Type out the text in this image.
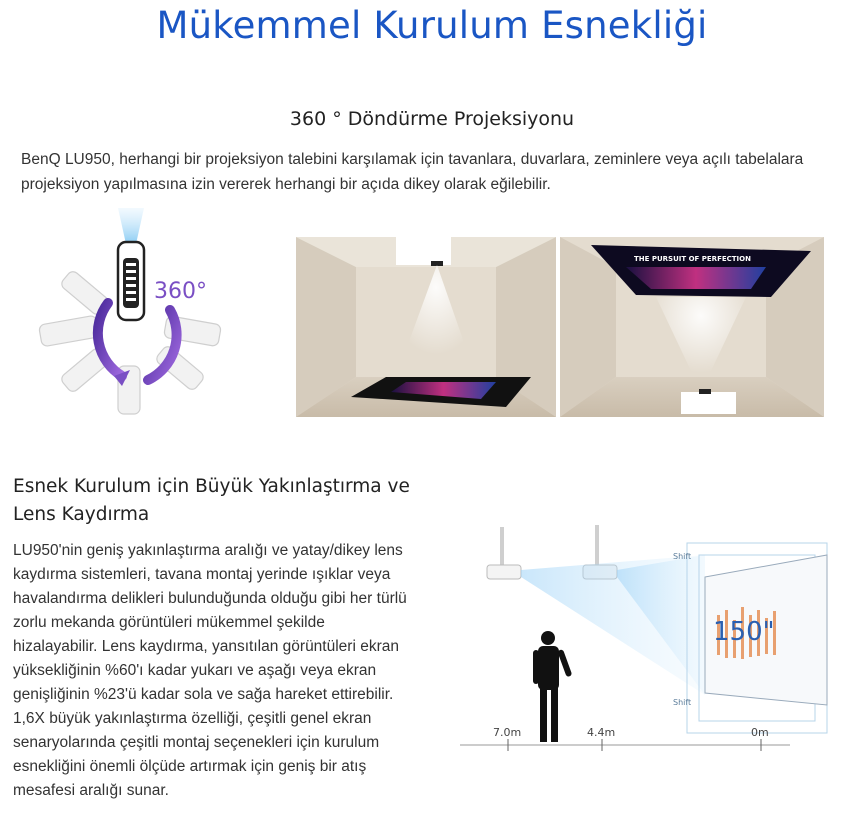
Mükemmel Kurulum Esnekliği
360 ° Döndürme Projeksiyonu
BenQ LU950, herhangi bir projeksiyon talebini karşılamak için tavanlara, duvarlara, zeminlere veya açılı tabelalara projeksiyon yapılmasına izin vererek herhangi bir açıda dikey olarak eğilebilir.
360°
THE PURSUIT OF PERFECTION
Esnek Kurulum için Büyük Yakınlaştırma ve Lens Kaydırma
LU950'nin geniş yakınlaştırma aralığı ve yatay/dikey lens kaydırma sistemleri, tavana montaj yerinde ışıklar veya havalandırma delikleri bulunduğunda olduğu gibi her türlü zorlu mekanda görüntüleri mükemmel şekilde hizalayabilir. Lens kaydırma, yansıtılan görüntüleri ekran yüksekliğinin %60'ı kadar yukarı ve aşağı veya ekran genişliğinin %23'ü kadar sola ve sağa hareket ettirebilir. 1,6X büyük yakınlaştırma özelliği, çeşitli genel ekran senaryolarında çeşitli montaj seçenekleri için kurulum esnekliğini önemli ölçüde artırmak için geniş bir atış mesafesi aralığı sunar.
Shift
Shift
150"
7.0m	4.4m	0m
